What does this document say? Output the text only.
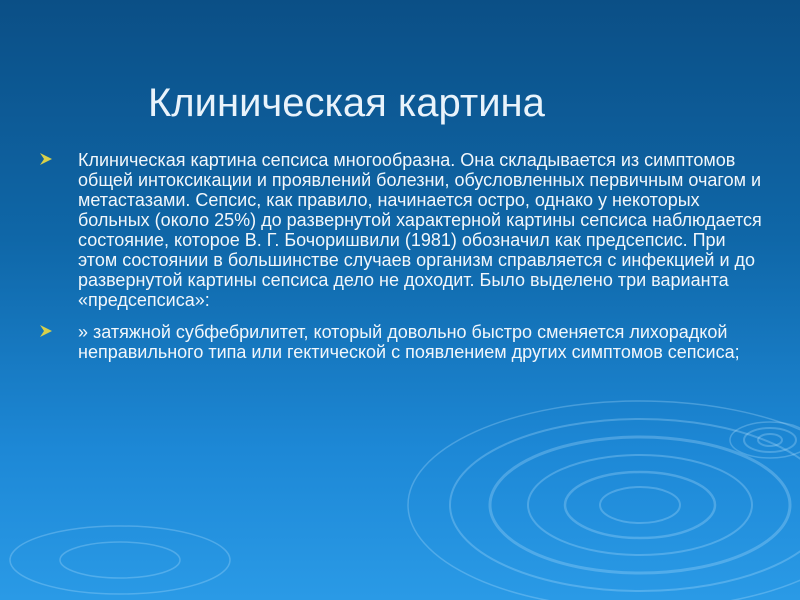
Клиническая картина
Клиническая картина сепсиса многообразна. Она складывается из симптомов общей интоксикации и проявлений болезни, обусловленных первичным очагом и метастазами. Сепсис, как правило, начинается остро, однако у некоторых больных (около 25%) до развернутой характерной картины сепсиса наблюдается состояние, которое В. Г. Бочоришвили (1981) обозначил как предсепсис. При этом состоянии в большинстве случаев организм справляется с инфекцией и до развернутой картины сепсиса дело не доходит. Было выделено три варианта «предсепсиса»:
» затяжной субфебрилитет, который довольно быстро сменяется лихорадкой неправильного типа или гектической с появлением других симптомов сепсиса;
